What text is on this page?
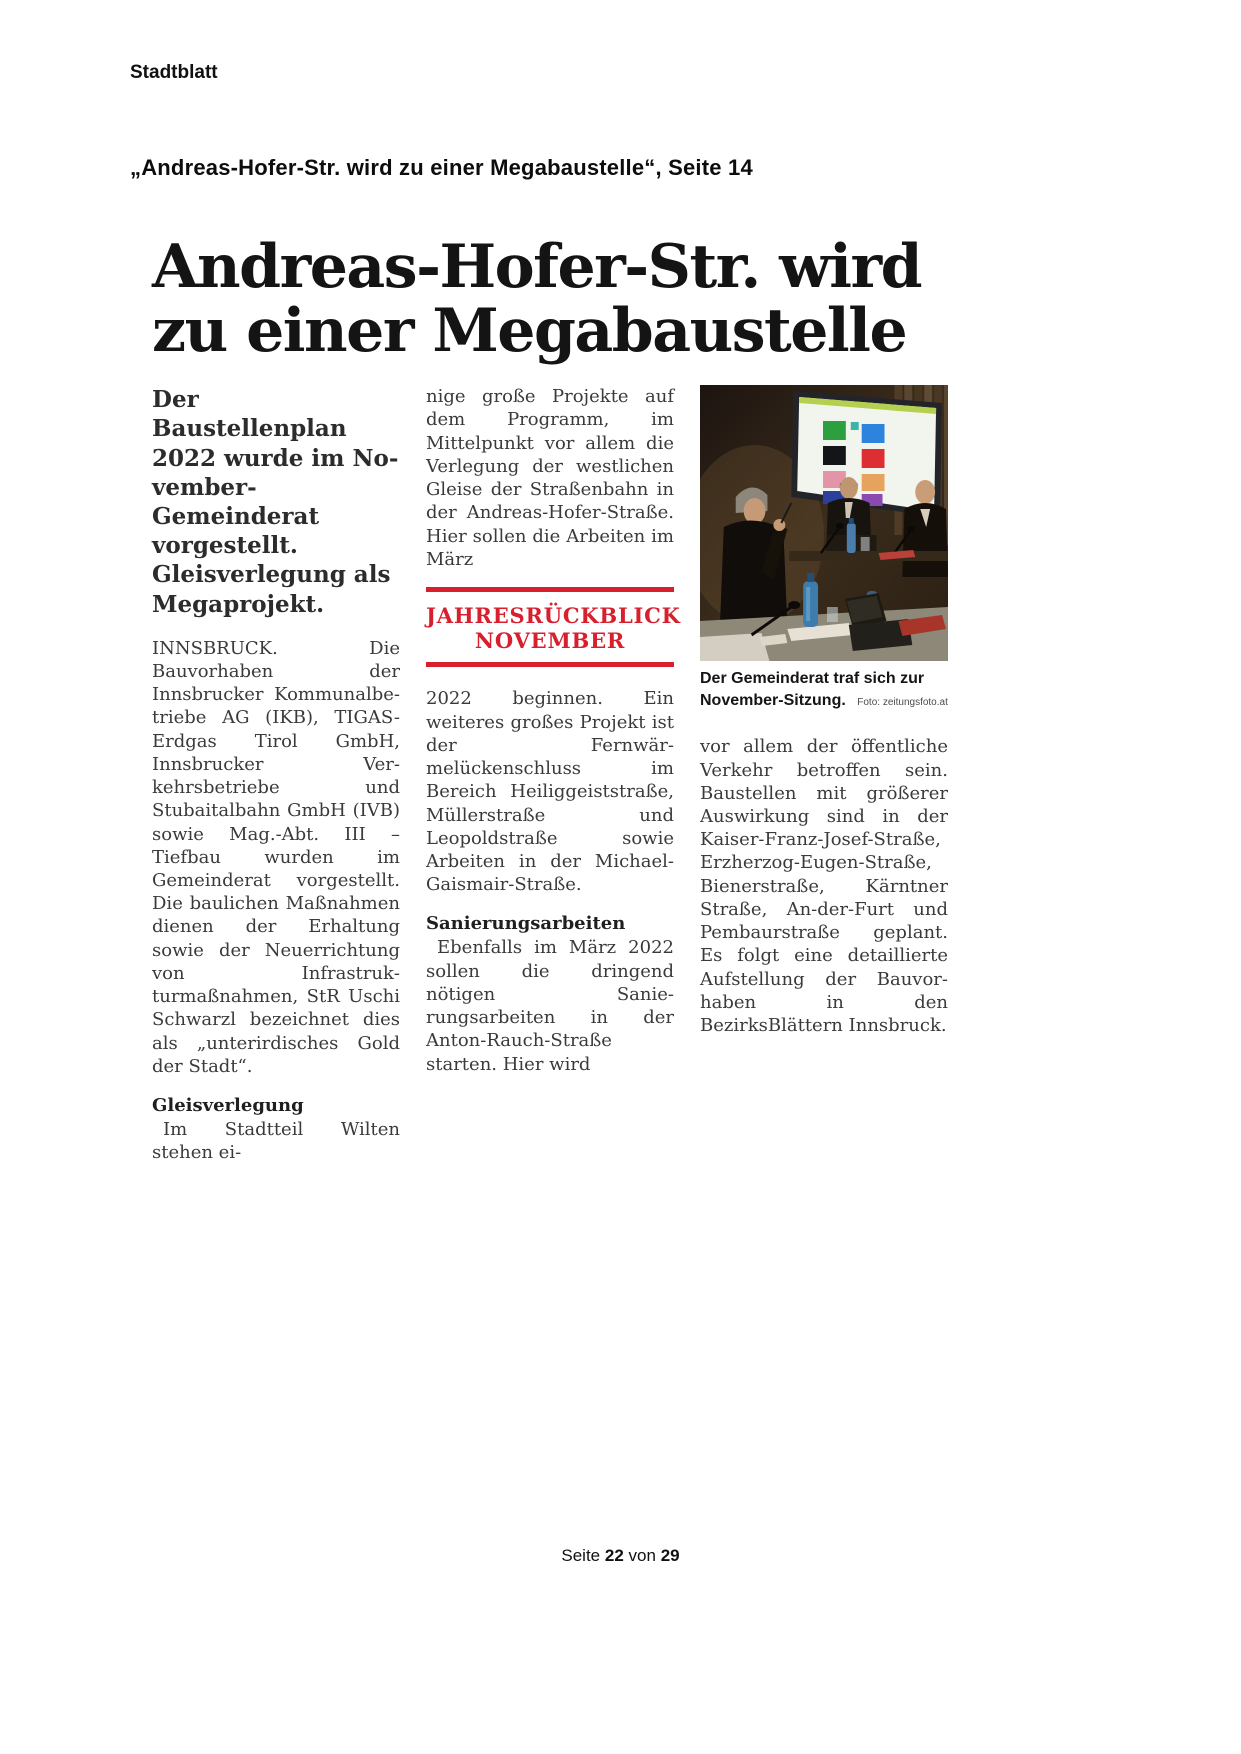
Stadtblatt
„Andreas-Hofer-Str. wird zu einer Megabaustelle“, Seite 14
Andreas-Hofer-Str. wird
zu einer Megabaustelle

Der Baustellenplan 2022 wurde im November-Gemeinderat vorgestellt. Gleisverlegung als Megaprojekt.

INNSBRUCK. Die Bauvorhaben der Innsbrucker Kommunalbetriebe AG (IKB), TIGAS-Erdgas Tirol GmbH, Innsbrucker Verkehrsbetriebe und Stubaitalbahn GmbH (IVB) sowie Mag.-Abt. III – Tiefbau wurden im Gemeinderat vorgestellt. Die baulichen Maßnahmen dienen der Erhaltung sowie der Neuerrichtung von Infrastrukturmaßnahmen, StR Uschi Schwarzl bezeichnet dies als „unterirdisches Gold der Stadt“.

Gleisverlegung

Im Stadtteil Wilten stehen ei-

nige große Projekte auf dem Programm, im Mittelpunkt vor allem die Verlegung der westlichen Gleise der Straßenbahn in der Andreas-Hofer-Straße. Hier sollen die Arbeiten im März

JAHRESRÜCKBLICK
NOVEMBER

2022 beginnen. Ein weiteres großes Projekt ist der Fernwärmelückenschluss im Bereich Heiliggeiststraße, Müllerstraße und Leopoldstraße sowie Arbeiten in der Michael-Gaismair-Straße.

Sanierungsarbeiten

Ebenfalls im März 2022 sollen die dringend nötigen Sanierungsarbeiten in der Anton-Rauch-Straße starten. Hier wird

Der Gemeinderat traf sich zur November-Sitzung. Foto: zeitungsfoto.at

vor allem der öffentliche Verkehr betroffen sein. Baustellen mit größerer Auswirkung sind in der Kaiser-Franz-Josef-Straße, Erzherzog-Eugen-Straße, Bienerstraße, Kärntner Straße, An-der-Furt und Pembaurstraße geplant. Es folgt eine detaillierte Aufstellung der Bauvorhaben in den BezirksBlättern Innsbruck.

Seite 22 von 29
